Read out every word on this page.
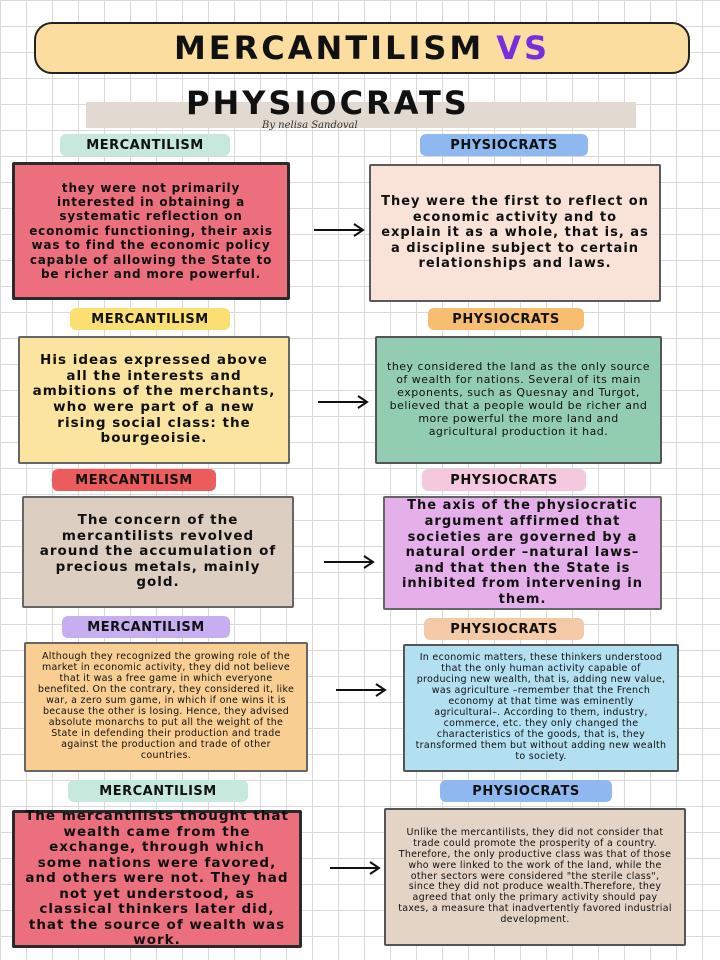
MERCANTILISM VS
PHYSIOCRATS
By nelisa Sandoval
MERCANTILISM	PHYSIOCRATS
they were not primarily interested in obtaining a systematic reflection on economic functioning, their axis was to find the economic policy capable of allowing the State to be richer and more powerful.
They were the first to reflect on economic activity and to explain it as a whole, that is, as a discipline subject to certain relationships and laws.
MERCANTILISM	PHYSIOCRATS
His ideas expressed above all the interests and ambitions of the merchants, who were part of a new rising social class: the bourgeoisie.
they considered the land as the only source of wealth for nations. Several of its main exponents, such as Quesnay and Turgot, believed that a people would be richer and more powerful the more land and agricultural production it had.
MERCANTILISM	PHYSIOCRATS
The concern of the mercantilists revolved around the accumulation of precious metals, mainly gold.
The axis of the physiocratic argument affirmed that societies are governed by a natural order –natural laws– and that then the State is inhibited from intervening in them.
MERCANTILISM	PHYSIOCRATS
Although they recognized the growing role of the market in economic activity, they did not believe that it was a free game in which everyone benefited. On the contrary, they considered it, like war, a zero sum game, in which if one wins it is because the other is losing. Hence, they advised absolute monarchs to put all the weight of the State in defending their production and trade against the production and trade of other countries.
In economic matters, these thinkers understood that the only human activity capable of producing new wealth, that is, adding new value, was agriculture –remember that the French economy at that time was eminently agricultural–. According to them, industry, commerce, etc. they only changed the characteristics of the goods, that is, they transformed them but without adding new wealth to society.
MERCANTILISM	PHYSIOCRATS
The mercantilists thought that wealth came from the exchange, through which some nations were favored, and others were not. They had not yet understood, as classical thinkers later did, that the source of wealth was work.
Unlike the mercantilists, they did not consider that trade could promote the prosperity of a country. Therefore, the only productive class was that of those who were linked to the work of the land, while the other sectors were considered "the sterile class", since they did not produce wealth.Therefore, they agreed that only the primary activity should pay taxes, a measure that inadvertently favored industrial development.
